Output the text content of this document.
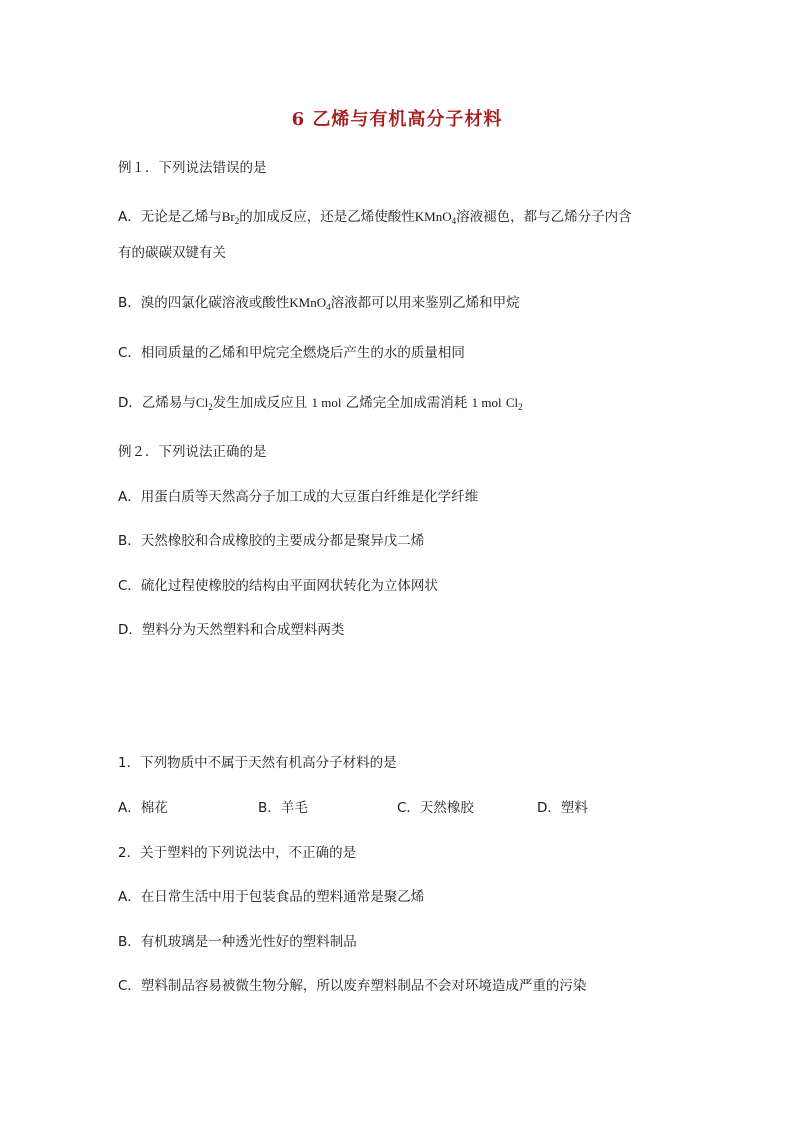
6 乙烯与有机高分子材料
例１．下列说法错误的是
A．无论是乙烯与$Br_2$的加成反应，还是乙烯使酸性KMnO$_4$溶液褪色，都与乙烯分子内含
有的碳碳双键有关
B．溴的四氯化碳溶液或酸性KMnO$_4$溶液都可以用来鉴别乙烯和甲烷
C．相同质量的乙烯和甲烷完全燃烧后产生的水的质量相同
D．乙烯易与$Cl_2$发生加成反应且 1 mol 乙烯完全加成需消耗 1 mol $Cl_2$
例２．下列说法正确的是
A．用蛋白质等天然高分子加工成的大豆蛋白纤维是化学纤维
B．天然橡胶和合成橡胶的主要成分都是聚异戊二烯
C．硫化过程使橡胶的结构由平面网状转化为立体网状
D．塑料分为天然塑料和合成塑料两类
1．下列物质中不属于天然有机高分子材料的是
A．棉花	B．羊毛	C．天然橡胶	D．塑料
2．关于塑料的下列说法中，不正确的是
A．在日常生活中用于包装食品的塑料通常是聚乙烯
B．有机玻璃是一种透光性好的塑料制品
C．塑料制品容易被微生物分解，所以废弃塑料制品不会对环境造成严重的污染
